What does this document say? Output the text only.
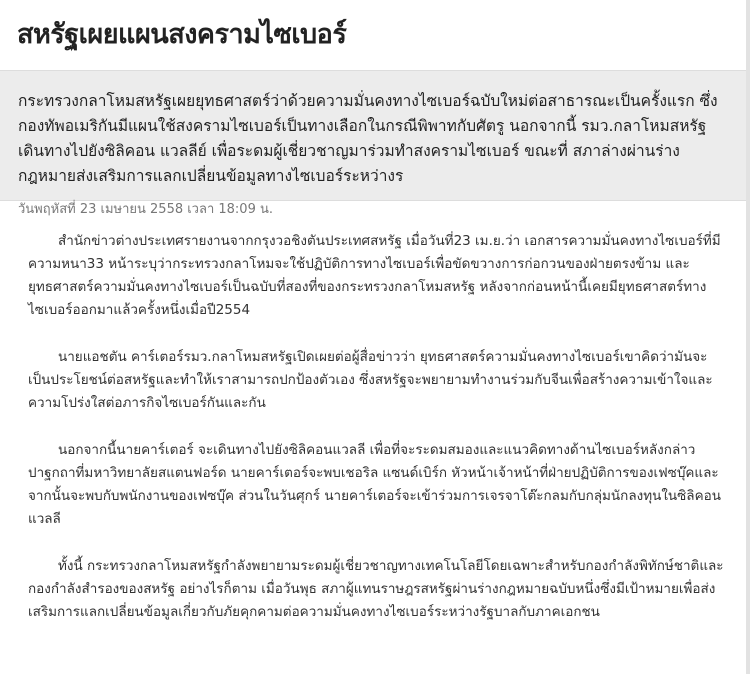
สหรัฐเผยแผนสงครามไซเบอร์

กระทรวงกลาโหมสหรัฐเผยยุทธศาสตร์ว่าด้วยความมั่นคงทางไซเบอร์ฉบับใหม่ต่อสาธารณะเป็นครั้งแรก ซึ่งกองทัพอเมริกันมีแผนใช้สงครามไซเบอร์เป็นทางเลือกในกรณีพิพาทกับศัตรู นอกจากนี้ รมว.กลาโหมสหรัฐเดินทางไปยังซิลิคอน แวลลีย์ เพื่อระดมผู้เชี่ยวชาญมาร่วมทำสงครามไซเบอร์ ขณะที่ สภาล่างผ่านร่างกฎหมายส่งเสริมการแลกเปลี่ยนข้อมูลทางไซเบอร์ระหว่างร

วันพฤหัสที่ 23 เมษายน 2558 เวลา 18:09 น.

สำนักข่าวต่างประเทศรายงานจากกรุงวอชิงตันประเทศสหรัฐ เมื่อวันที่23 เม.ย.ว่า เอกสารความมั่นคงทางไซเบอร์ที่มีความหนา33 หน้าระบุว่ากระทรวงกลาโหมจะใช้ปฏิบัติการทางไซเบอร์เพื่อขัดขวางการก่อกวนของฝ่ายตรงข้าม และยุทธศาสตร์ความมั่นคงทางไซเบอร์เป็นฉบับที่สองที่ของกระทรวงกลาโหมสหรัฐ หลังจากก่อนหน้านี้เคยมียุทธศาสตร์ทางไซเบอร์ออกมาแล้วครั้งหนึ่งเมื่อปี2554

นายแอชตัน คาร์เตอร์รมว.กลาโหมสหรัฐเปิดเผยต่อผู้สื่อข่าวว่า ยุทธศาสตร์ความมั่นคงทางไซเบอร์เขาคิดว่ามันจะเป็นประโยชน์ต่อสหรัฐและทำให้เราสามารถปกป้องตัวเอง ซึ่งสหรัฐจะพยายามทำงานร่วมกับจีนเพื่อสร้างความเข้าใจและความโปร่งใสต่อภารกิจไซเบอร์กันและกัน

นอกจากนี้นายคาร์เตอร์ จะเดินทางไปยังซิลิคอนแวลลี เพื่อที่จะระดมสมองและแนวคิดทางด้านไซเบอร์หลังกล่าวปาฐกถาที่มหาวิทยาลัยสแตนฟอร์ด นายคาร์เตอร์จะพบเชอริล แซนด์เบิร์ก หัวหน้าเจ้าหน้าที่ฝ่ายปฏิบัติการของเฟซบุ๊คและจากนั้นจะพบกับพนักงานของเฟซบุ๊ค ส่วนในวันศุกร์ นายคาร์เตอร์จะเข้าร่วมการเจรจาโต๊ะกลมกับกลุ่มนักลงทุนในซิลิคอนแวลลี

ทั้งนี้ กระทรวงกลาโหมสหรัฐกำลังพยายามระดมผู้เชี่ยวชาญทางเทคโนโลยีโดยเฉพาะสำหรับกองกำลังพิทักษ์ชาติและกองกำลังสำรองของสหรัฐ อย่างไรก็ตาม เมื่อวันพุธ สภาผู้แทนราษฎรสหรัฐผ่านร่างกฎหมายฉบับหนึ่งซึ่งมีเป้าหมายเพื่อส่งเสริมการแลกเปลี่ยนข้อมูลเกี่ยวกับภัยคุกคามต่อความมั่นคงทางไซเบอร์ระหว่างรัฐบาลกับภาคเอกชน
